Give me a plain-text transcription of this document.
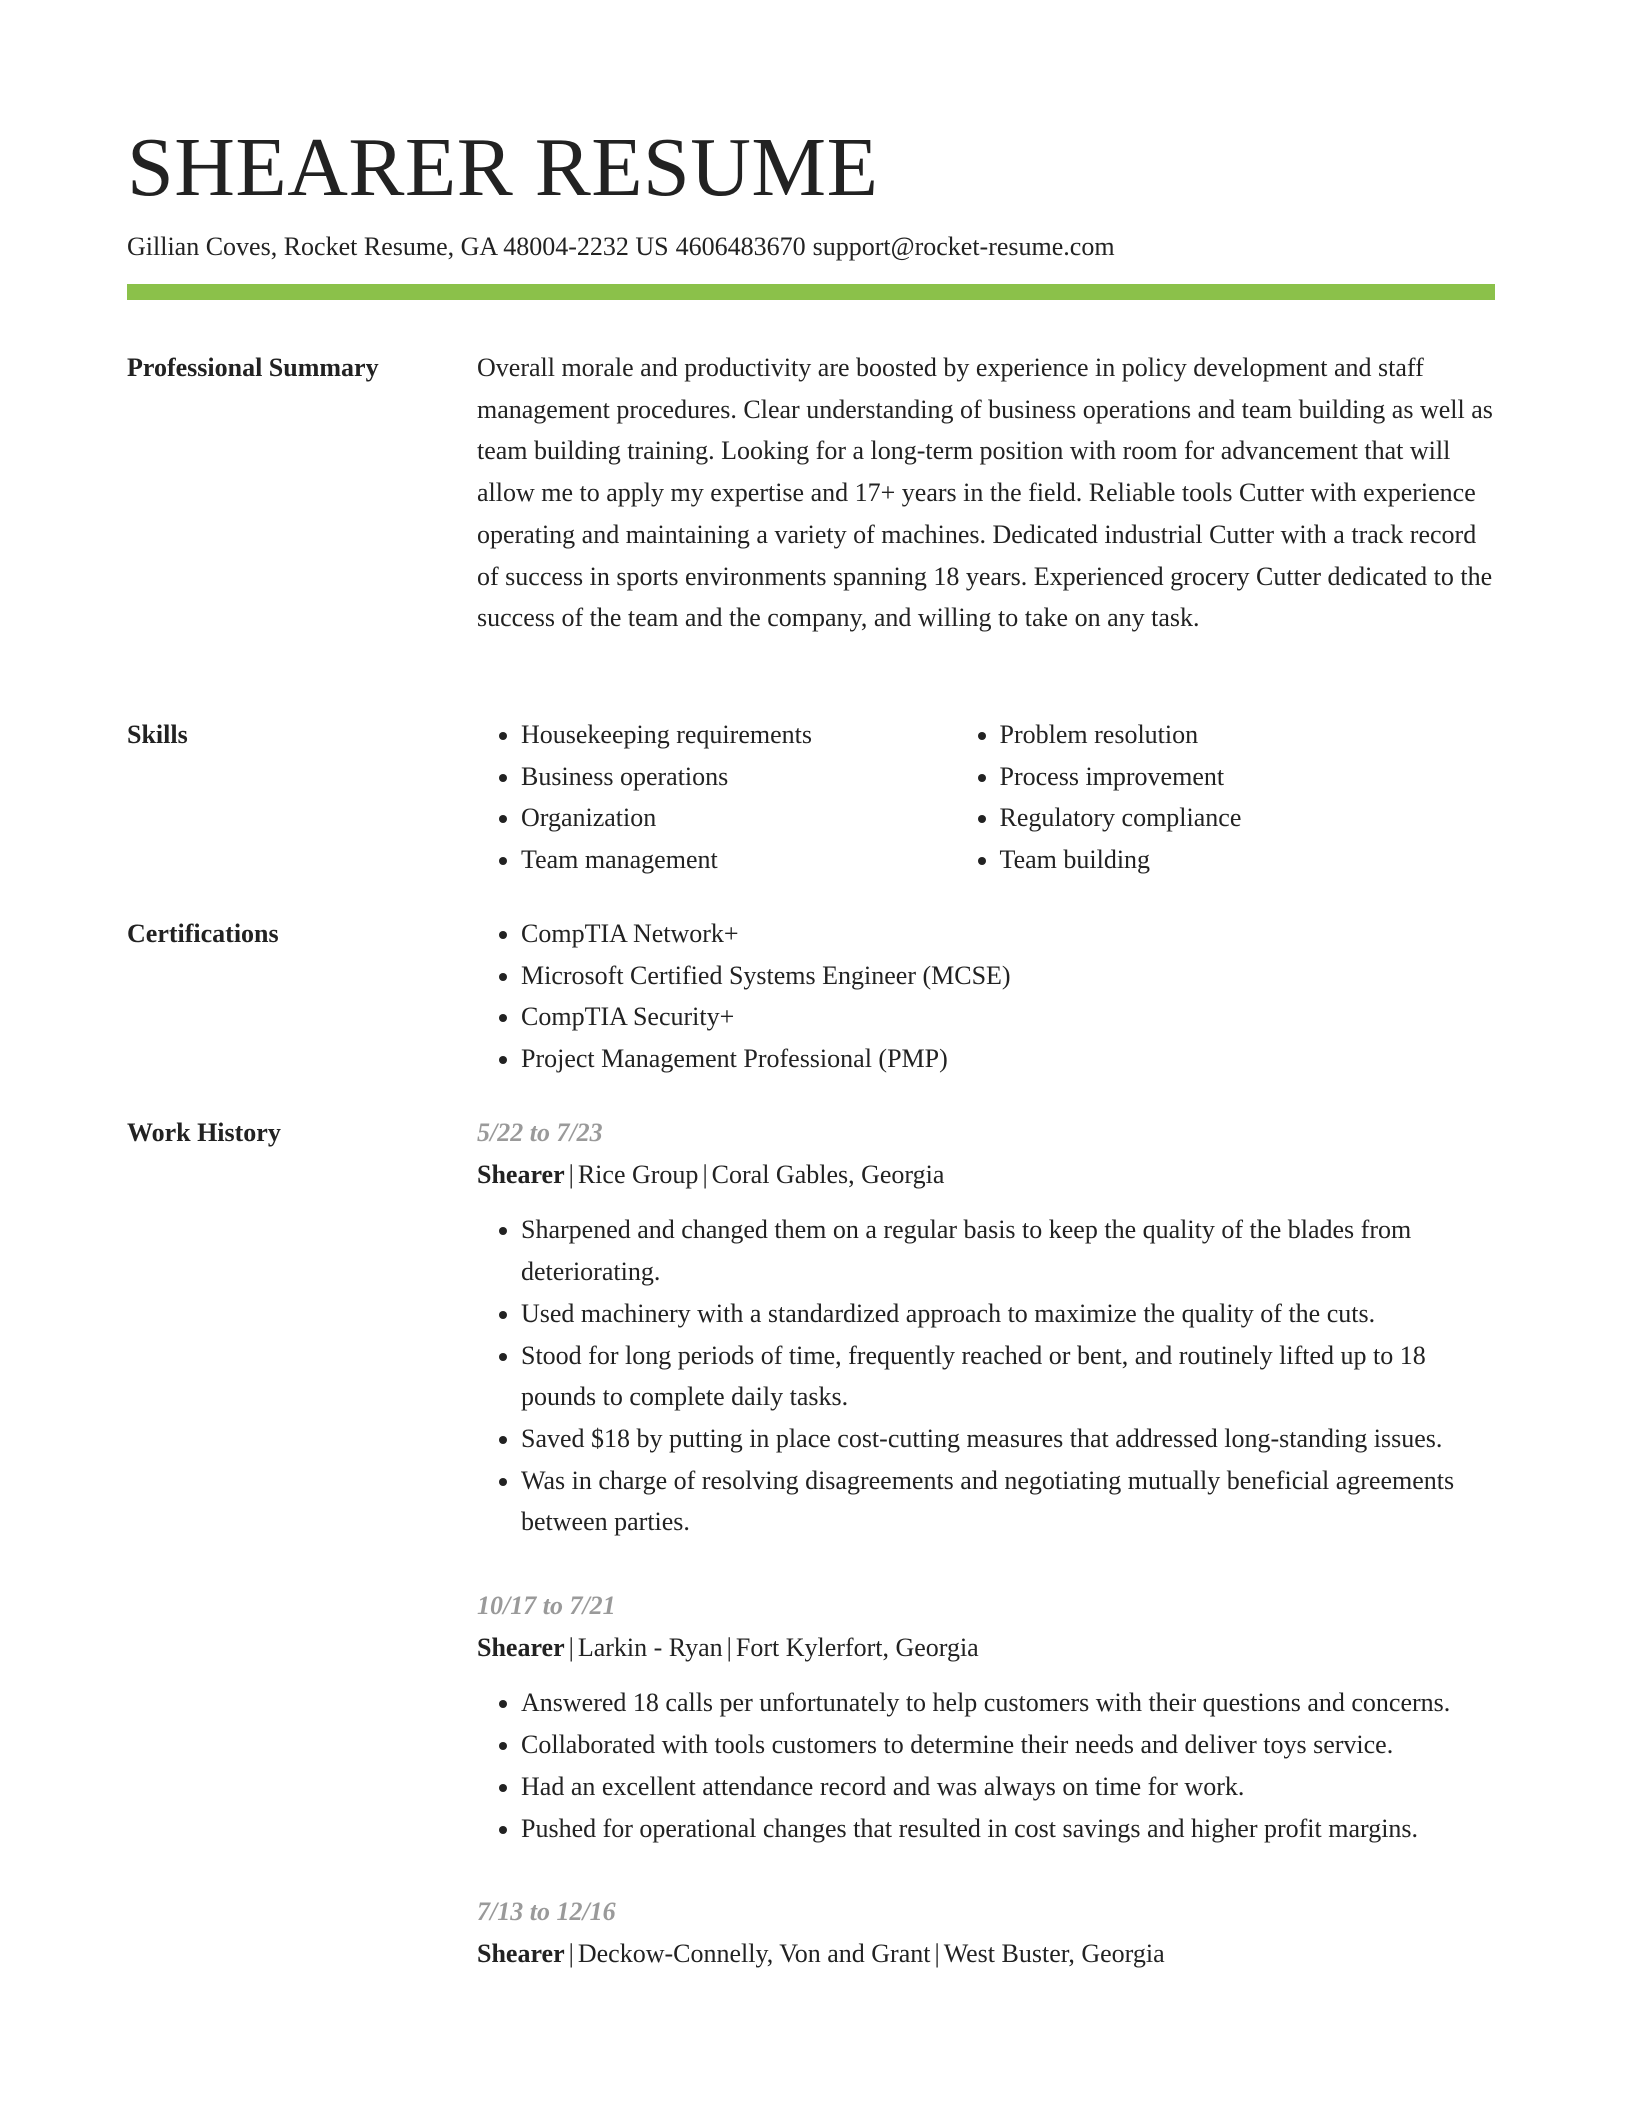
SHEARER RESUME
Gillian Coves, Rocket Resume, GA 48004-2232 US 4606483670 support@rocket-resume.com
Professional Summary	Overall morale and productivity are boosted by experience in policy development and staff management procedures. Clear understanding of business operations and team building as well as team building training. Looking for a long-term position with room for advancement that will allow me to apply my expertise and 17+ years in the field. Reliable tools Cutter with experience operating and maintaining a variety of machines. Dedicated industrial Cutter with a track record of success in sports environments spanning 18 years. Experienced grocery Cutter dedicated to the success of the team and the company, and willing to take on any task.

Skills	• Housekeeping requirements
• Business operations
• Organization
• Team management
• Problem resolution
• Process improvement
• Regulatory compliance
• Team building
Certifications	• CompTIA Network+
• Microsoft Certified Systems Engineer (MCSE)
• CompTIA Security+
• Project Management Professional (PMP)
Work History	5/22 to 7/23
Shearer | Rice Group | Coral Gables, Georgia
• Sharpened and changed them on a regular basis to keep the quality of the blades from deteriorating.
• Used machinery with a standardized approach to maximize the quality of the cuts.
• Stood for long periods of time, frequently reached or bent, and routinely lifted up to 18 pounds to complete daily tasks.
• Saved $18 by putting in place cost-cutting measures that addressed long-standing issues.
• Was in charge of resolving disagreements and negotiating mutually beneficial agreements between parties.
10/17 to 7/21
Shearer | Larkin - Ryan | Fort Kylerfort, Georgia
• Answered 18 calls per unfortunately to help customers with their questions and concerns.
• Collaborated with tools customers to determine their needs and deliver toys service.
• Had an excellent attendance record and was always on time for work.
• Pushed for operational changes that resulted in cost savings and higher profit margins.
7/13 to 12/16
Shearer | Deckow-Connelly, Von and Grant | West Buster, Georgia
